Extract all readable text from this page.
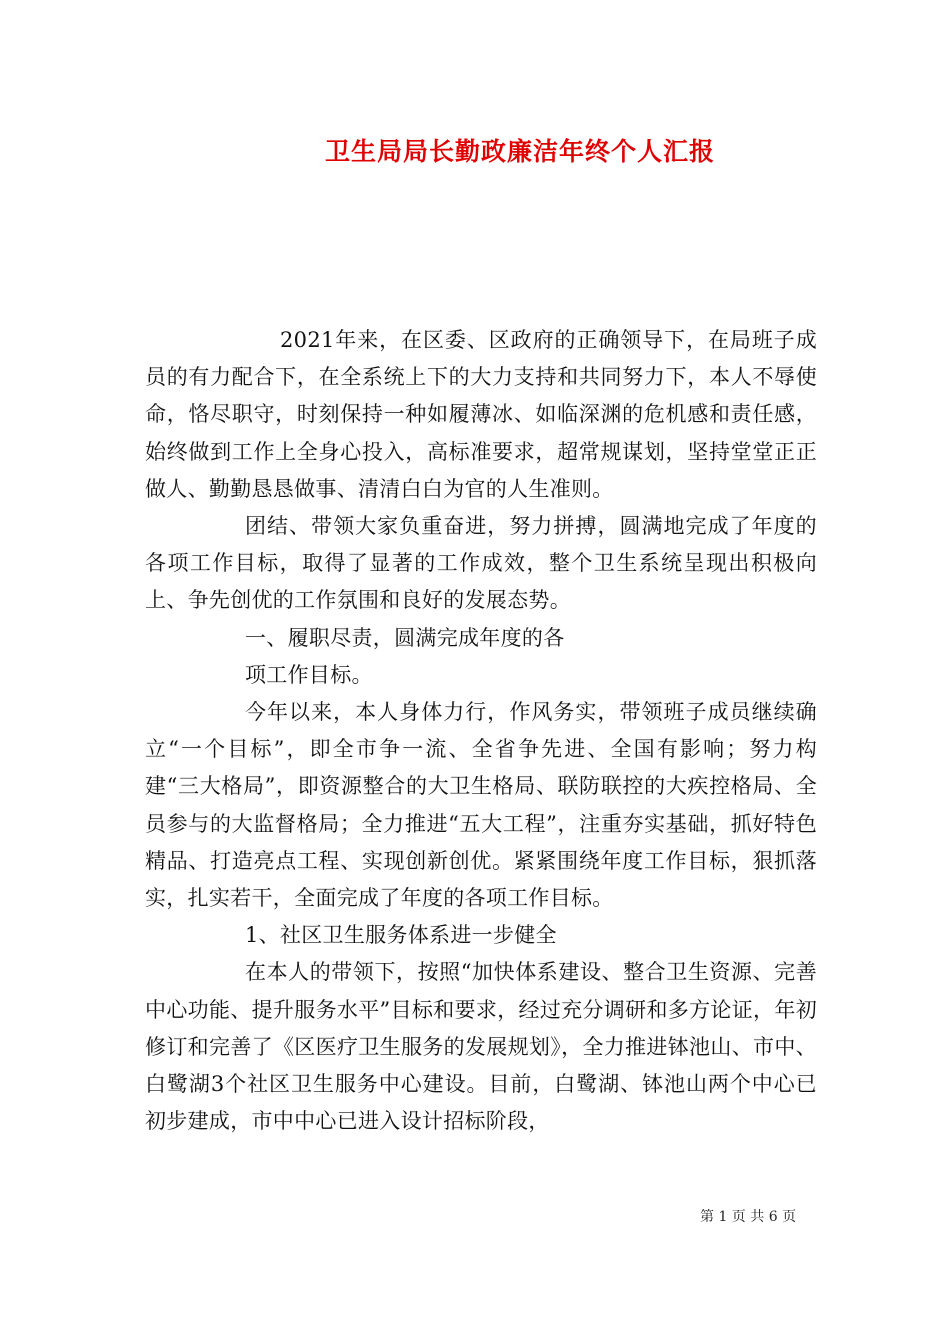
卫生局局长勤政廉洁年终个人汇报

2021年来，在区委、区政府的正确领导下，在局班子成员的有力配合下，在全系统上下的大力支持和共同努力下，本人不辱使命，恪尽职守，时刻保持一种如履薄冰、如临深渊的危机感和责任感，始终做到工作上全身心投入，高标准要求，超常规谋划，坚持堂堂正正做人、勤勤恳恳做事、清清白白为官的人生准则。

团结、带领大家负重奋进，努力拼搏，圆满地完成了年度的各项工作目标，取得了显著的工作成效，整个卫生系统呈现出积极向上、争先创优的工作氛围和良好的发展态势。

一、履职尽责，圆满完成年度的各

项工作目标。

今年以来，本人身体力行，作风务实，带领班子成员继续确立“一个目标”，即全市争一流、全省争先进、全国有影响；努力构建“三大格局”，即资源整合的大卫生格局、联防联控的大疾控格局、全员参与的大监督格局；全力推进“五大工程”，注重夯实基础，抓好特色精品、打造亮点工程、实现创新创优。紧紧围绕年度工作目标，狠抓落实，扎实若干，全面完成了年度的各项工作目标。

1、社区卫生服务体系进一步健全

在本人的带领下，按照“加快体系建设、整合卫生资源、完善中心功能、提升服务水平”目标和要求，经过充分调研和多方论证，年初修订和完善了《区医疗卫生服务的发展规划》，全力推进钵池山、市中、白鹭湖3个社区卫生服务中心建设。目前，白鹭湖、钵池山两个中心已初步建成，市中中心已进入设计招标阶段，

第 1 页 共 6 页
